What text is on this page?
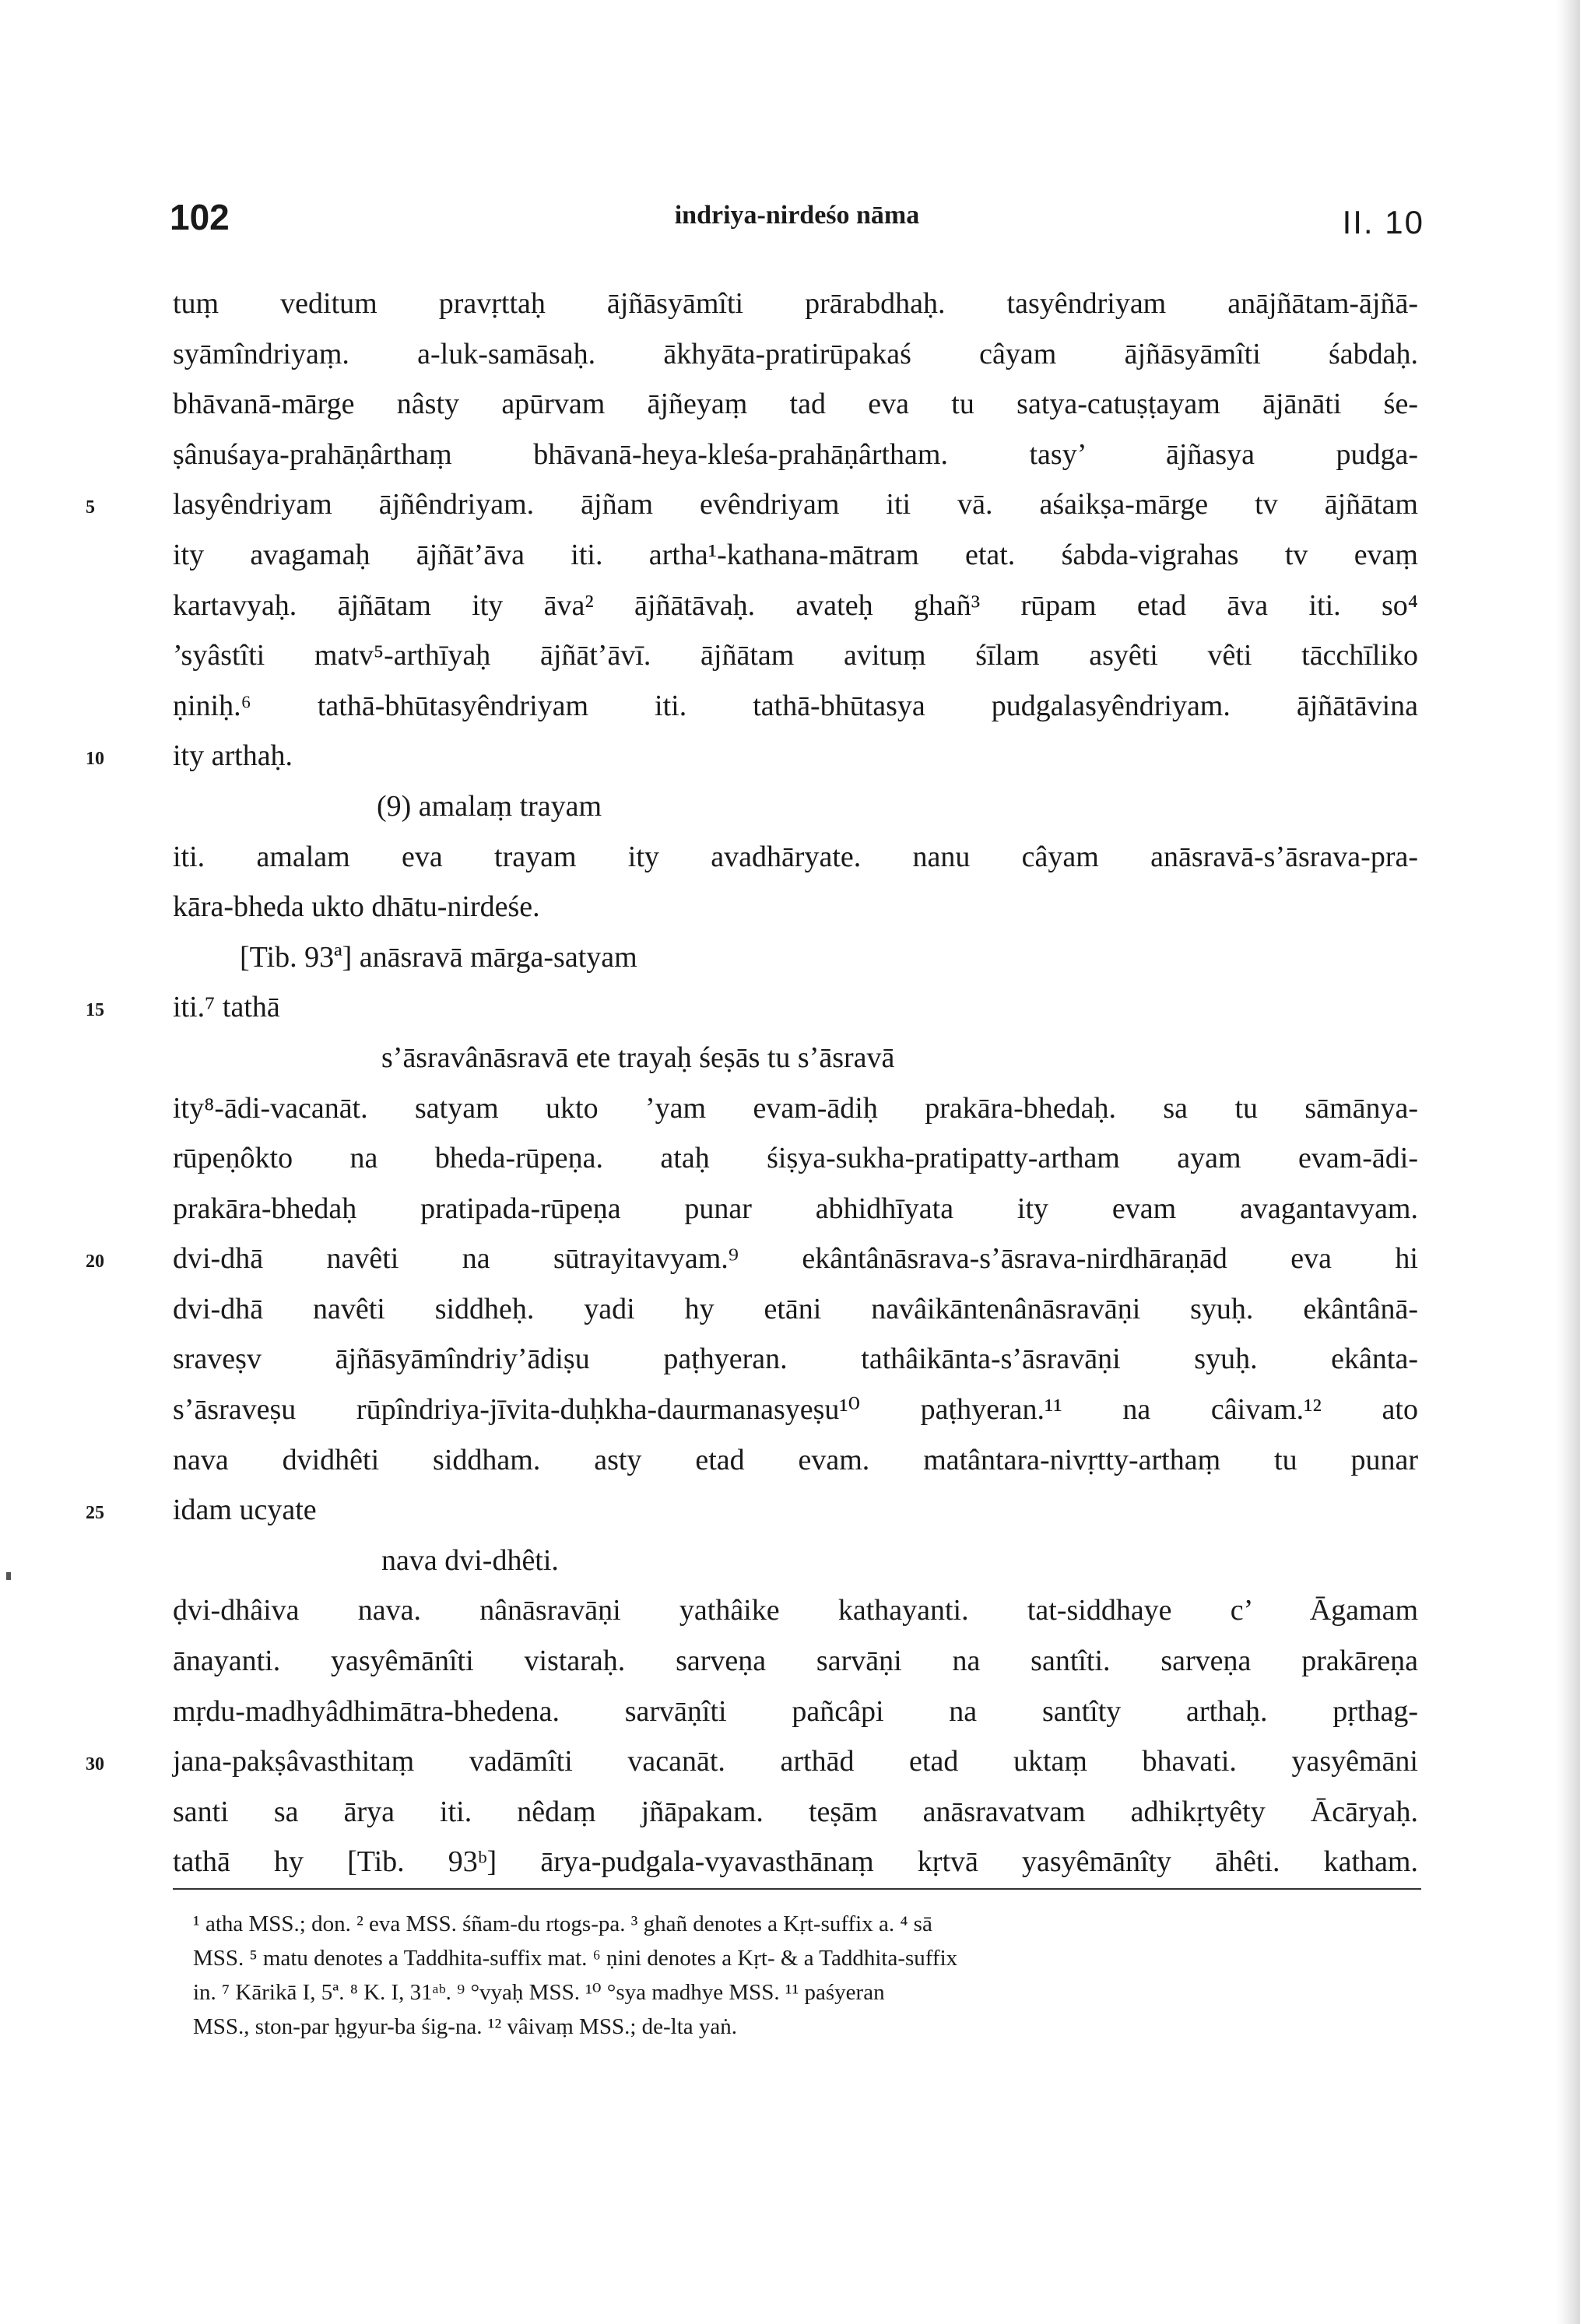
102	indriya-nirdeśo nāma	II. 10
tuṃ veditum pravṛttaḥ ājñāsyāmîti prārabdhaḥ. tasyêndriyam anājñātam-ājñā-
syāmîndriyaṃ. a-luk-samāsaḥ. ākhyāta-pratirūpakaś câyam ājñāsyāmîti śabdaḥ.
bhāvanā-mārge nâsty apūrvam ājñeyaṃ tad eva tu satya-catuṣṭayam ājānāti śe-
ṣânuśaya-prahāṇârthaṃ bhāvanā-heya-kleśa-prahāṇârtham. tasy’ ājñasya pudga-
5	lasyêndriyam ājñêndriyam. ājñam evêndriyam iti vā. aśaikṣa-mārge tv ājñātam
ity avagamaḥ ājñāt’āva iti. artha¹-kathana-mātram etat. śabda-vigrahas tv evaṃ
kartavyaḥ. ājñātam ity āva² ājñātāvaḥ. avateḥ ghañ³ rūpam etad āva iti. so⁴
’syâstîti matv⁵-arthīyaḥ ājñāt’āvī. ājñātam avituṃ śīlam asyêti vêti tācchīliko
ṇiniḥ.⁶ tathā-bhūtasyêndriyam iti. tathā-bhūtasya pudgalasyêndriyam. ājñātāvina
10	ity arthaḥ.
(9) amalaṃ trayam
iti. amalam eva trayam ity avadhāryate. nanu câyam anāsravā-s’āsrava-pra-
kāra-bheda ukto dhātu-nirdeśe.
[Tib. 93ª] anāsravā mārga-satyam
15	iti.⁷ tathā
s’āsravânāsravā ete trayaḥ śeṣās tu s’āsravā
ity⁸-ādi-vacanāt. satyam ukto ’yam evam-ādiḥ prakāra-bhedaḥ. sa tu sāmānya-
rūpeṇôkto na bheda-rūpeṇa. ataḥ śiṣya-sukha-pratipatty-artham ayam evam-ādi-
prakāra-bhedaḥ pratipada-rūpeṇa punar abhidhīyata ity evam avagantavyam.
20	dvi-dhā navêti na sūtrayitavyam.⁹ ekântânāsrava-s’āsrava-nirdhāraṇād eva hi
dvi-dhā navêti siddheḥ. yadi hy etāni navâikāntenânāsravāṇi syuḥ. ekântânā-
sraveṣv ājñāsyāmîndriy’ādiṣu paṭhyeran. tathâikānta-s’āsravāṇi syuḥ. ekânta-
s’āsraveṣu rūpîndriya-jīvita-duḥkha-daurmanasyeṣu¹⁰ paṭhyeran.¹¹ na câivam.¹² ato
nava dvidhêti siddham. asty etad evam. matântara-nivṛtty-arthaṃ tu punar
25	idam ucyate
nava dvi-dhêti.
ḍvi-dhâiva nava. nânāsravāṇi yathâike kathayanti. tat-siddhaye c’ Āgamam
ānayanti. yasyêmānîti vistaraḥ. sarveṇa sarvāṇi na santîti. sarveṇa prakāreṇa
mṛdu-madhyâdhimātra-bhedena. sarvāṇîti pañcâpi na santîty arthaḥ. pṛthag-
30	jana-pakṣâvasthitaṃ vadāmîti vacanāt. arthād etad uktaṃ bhavati. yasyêmāni
santi sa ārya iti. nêdaṃ jñāpakam. teṣām anāsravatvam adhikṛtyêty Ācāryaḥ.
tathā hy [Tib. 93ᵇ] ārya-pudgala-vyavasthānaṃ kṛtvā yasyêmānîty āhêti. katham.
¹ atha MSS.; don. ² eva MSS. śñam-du rtogs-pa. ³ ghañ denotes a Kṛt-suffix a. ⁴ sā
MSS. ⁵ matu denotes a Taddhita-suffix mat. ⁶ ṇini denotes a Kṛt- & a Taddhita-suffix
in. ⁷ Kārikā I, 5ª. ⁸ K. I, 31ᵃᵇ. ⁹ °vyaḥ MSS. ¹⁰ °sya madhye MSS. ¹¹ paśyeran
MSS., ston-par ḥgyur-ba śig-na. ¹² vâivaṃ MSS.; de-lta yaṅ.
